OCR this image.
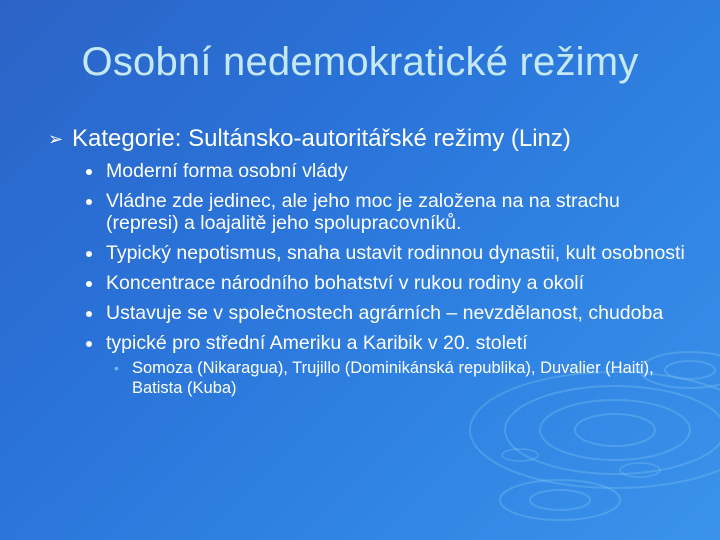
Osobní nedemokratické režimy
➢ Kategorie: Sultánsko-autoritářské režimy (Linz)
Moderní forma osobní vlády
Vládne zde jedinec, ale jeho moc je založena na na strachu (represi) a loajalitě jeho spolupracovníků.
Typický nepotismus, snaha ustavit rodinnou dynastii, kult osobnosti
Koncentrace národního bohatství v rukou rodiny a okolí
Ustavuje se v společnostech agrárních – nevzdělanost, chudoba
typické pro střední Ameriku a Karibik v 20. století
• Somoza (Nikaragua), Trujillo (Dominikánská republika), Duvalier (Haiti), Batista (Kuba)
